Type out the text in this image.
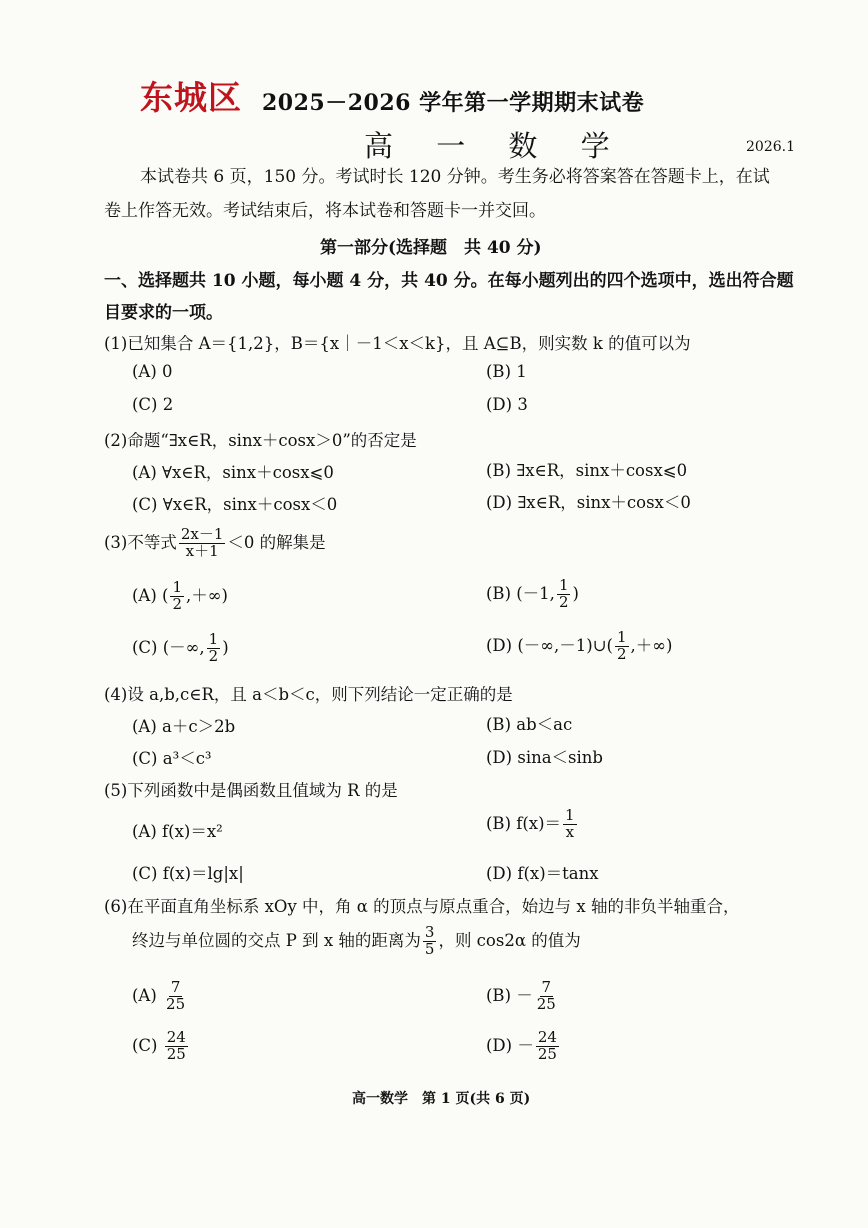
东城区 2025－2026 学年第一学期期末试卷
高 一 数 学	2026.1
本试卷共 6 页，150 分。考试时长 120 分钟。考生务必将答案答在答题卡上，在试
卷上作答无效。考试结束后，将本试卷和答题卡一并交回。
第一部分(选择题　共 40 分)
一、选择题共 10 小题，每小题 4 分，共 40 分。在每小题列出的四个选项中，选出符合题
目要求的一项。
(1)已知集合 A＝{1,2}，B＝{x｜－1＜x＜k}，且 A⊆B，则实数 k 的值可以为
(A) 0	(B) 1
(C) 2	(D) 3
(2)命题“∃x∈R，sinx＋cosx＞0”的否定是
(A) ∀x∈R，sinx＋cosx⩽0	(B) ∃x∈R，sinx＋cosx⩽0
(C) ∀x∈R，sinx＋cosx＜0	(D) ∃x∈R，sinx＋cosx＜0
(3)不等式 $\frac{2x-1}{x+1} <0$ 的解集是
(A) ( $\frac{1}{2}$ ,＋∞)	(B) (－1, $\frac{1}{2}$ )
(C) (－∞, $\frac{1}{2}$ )	(D) (－∞,－1)∪( $\frac{1}{2}$ ,＋∞)
(4)设 a,b,c∈R，且 a＜b＜c，则下列结论一定正确的是
(A) a＋c＞2b	(B) ab＜ac
(C) a³＜c³	(D) sina＜sinb
(5)下列函数中是偶函数且值域为 R 的是
(A) f(x)＝x²	(B) $f(x)= \frac{1}{x}$
(C) f(x)＝lg|x|	(D) f(x)＝tanx
(6)在平面直角坐标系 xOy 中，角 α 的顶点与原点重合，始边与 x 轴的非负半轴重合，
终边与单位圆的交点 P 到 x 轴的距离为 $\frac{3}{5}$ ，则 cos2α 的值为
$(A) \frac{7}{25}$	$(B) - \frac{7}{25}$
$(C) \frac{24}{25}$	$(D) - \frac{24}{25}$
高一数学　第 1 页(共 6 页)
